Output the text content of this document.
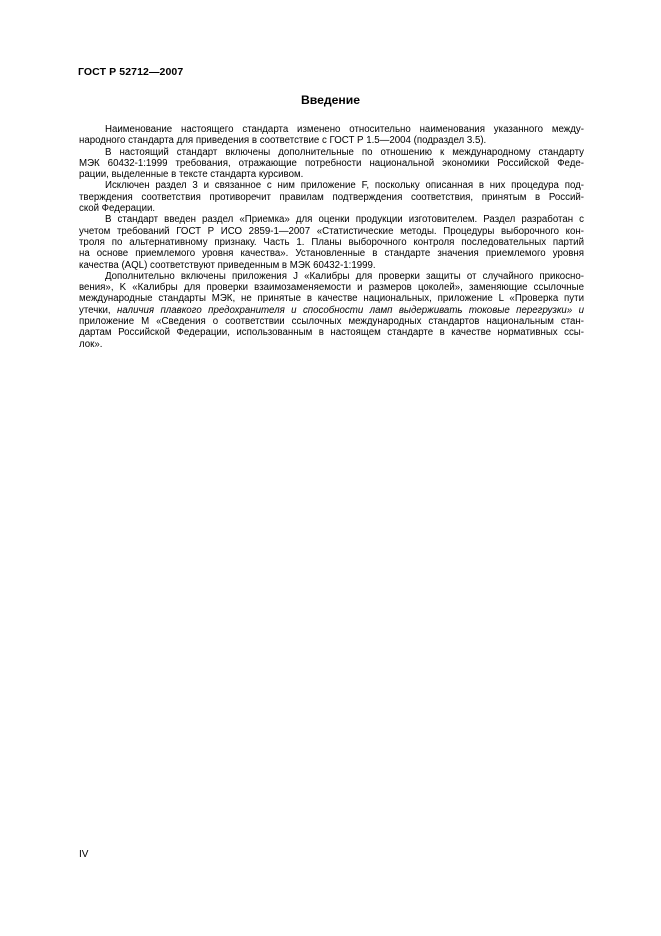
ГОСТ Р 52712—2007
Введение
Наименование настоящего стандарта изменено относительно наименования указанного между-
народного стандарта для приведения в соответствие с ГОСТ Р 1.5—2004 (подраздел 3.5).
В настоящий стандарт включены дополнительные по отношению к международному стандарту
МЭК 60432-1:1999 требования, отражающие потребности национальной экономики Российской Феде-
рации, выделенные в тексте стандарта курсивом.
Исключен раздел 3 и связанное с ним приложение F, поскольку описанная в них процедура под-
тверждения соответствия противоречит правилам подтверждения соответствия, принятым в Россий-
ской Федерации.
В стандарт введен раздел «Приемка» для оценки продукции изготовителем. Раздел разработан с
учетом требований ГОСТ Р ИСО 2859-1—2007 «Статистические методы. Процедуры выборочного кон-
троля по альтернативному признаку. Часть 1. Планы выборочного контроля последовательных партий
на основе приемлемого уровня качества». Установленные в стандарте значения приемлемого уровня
качества (AQL) соответствуют приведенным в МЭК 60432-1:1999.
Дополнительно включены приложения J «Калибры для проверки защиты от случайного прикосно-
вения», K «Калибры для проверки взаимозаменяемости и размеров цоколей», заменяющие ссылочные
международные стандарты МЭК, не принятые в качестве национальных, приложение L «Проверка пути
утечки, наличия плавкого предохранителя и способности ламп выдерживать токовые перегрузки» и
приложение M «Сведения о соответствии ссылочных международных стандартов национальным стан-
дартам Российской Федерации, использованным в настоящем стандарте в качестве нормативных ссы-
лок».
IV
